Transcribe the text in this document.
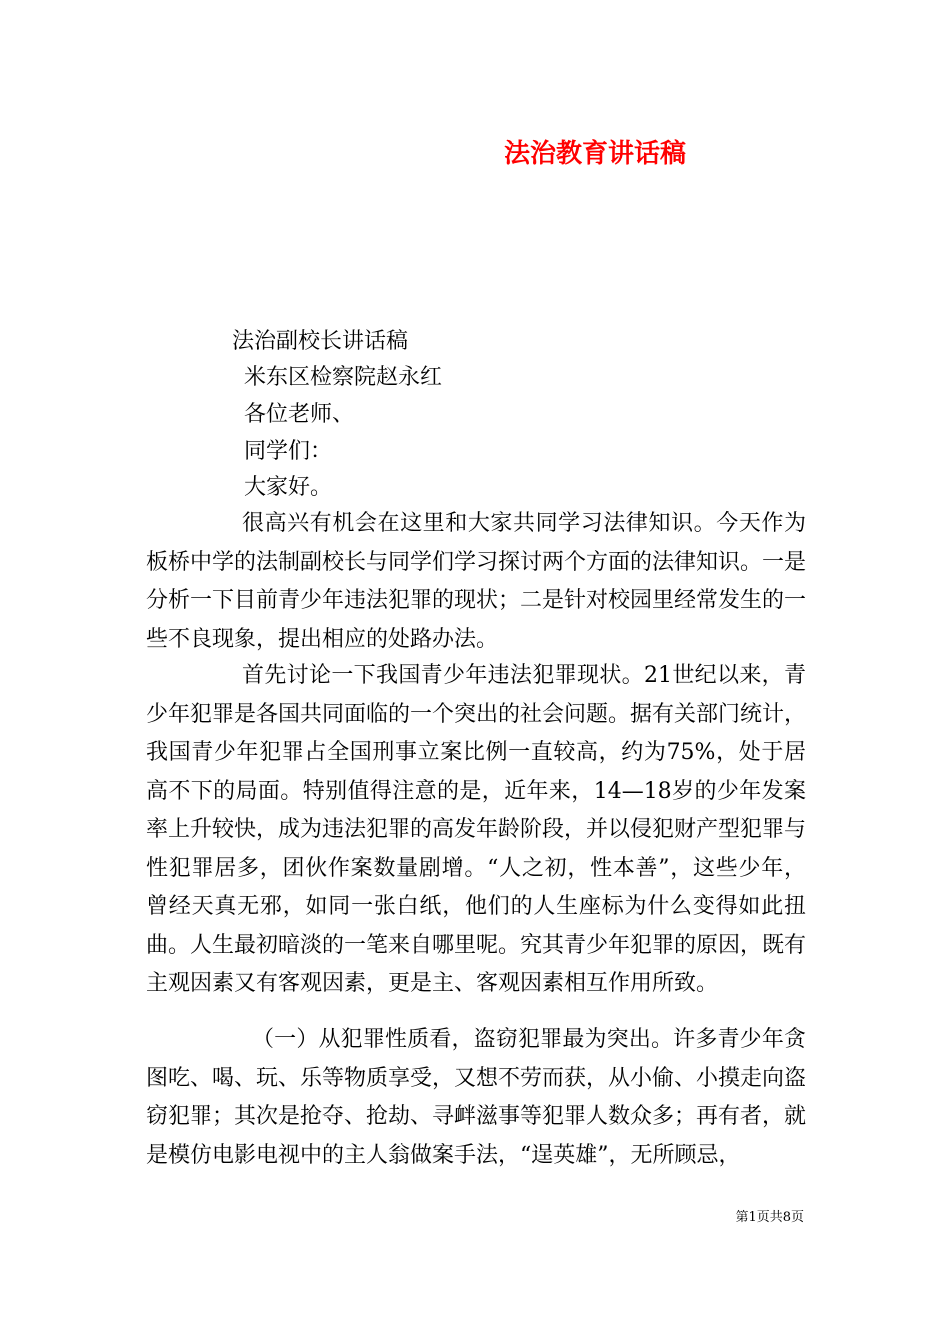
法治教育讲话稿

法治副校长讲话稿

米东区检察院赵永红

各位老师、

同学们：

大家好。

很高兴有机会在这里和大家共同学习法律知识。今天作为板桥中学的法制副校长与同学们学习探讨两个方面的法律知识。一是分析一下目前青少年违法犯罪的现状；二是针对校园里经常发生的一些不良现象，提出相应的处路办法。

首先讨论一下我国青少年违法犯罪现状。21世纪以来，青少年犯罪是各国共同面临的一个突出的社会问题。据有关部门统计，我国青少年犯罪占全国刑事立案比例一直较高，约为75%，处于居高不下的局面。特别值得注意的是，近年来，14—18岁的少年发案率上升较快，成为违法犯罪的高发年龄阶段，并以侵犯财产型犯罪与性犯罪居多，团伙作案数量剧增。“人之初，性本善”，这些少年，曾经天真无邪，如同一张白纸，他们的人生座标为什么变得如此扭曲。人生最初暗淡的一笔来自哪里呢。究其青少年犯罪的原因，既有主观因素又有客观因素，更是主、客观因素相互作用所致。

（一）从犯罪性质看，盗窃犯罪最为突出。许多青少年贪图吃、喝、玩、乐等物质享受，又想不劳而获，从小偷、小摸走向盗窃犯罪；其次是抢夺、抢劫、寻衅滋事等犯罪人数众多；再有者，就是模仿电影电视中的主人翁做案手法，“逞英雄”，无所顾忌，

第1页共8页
